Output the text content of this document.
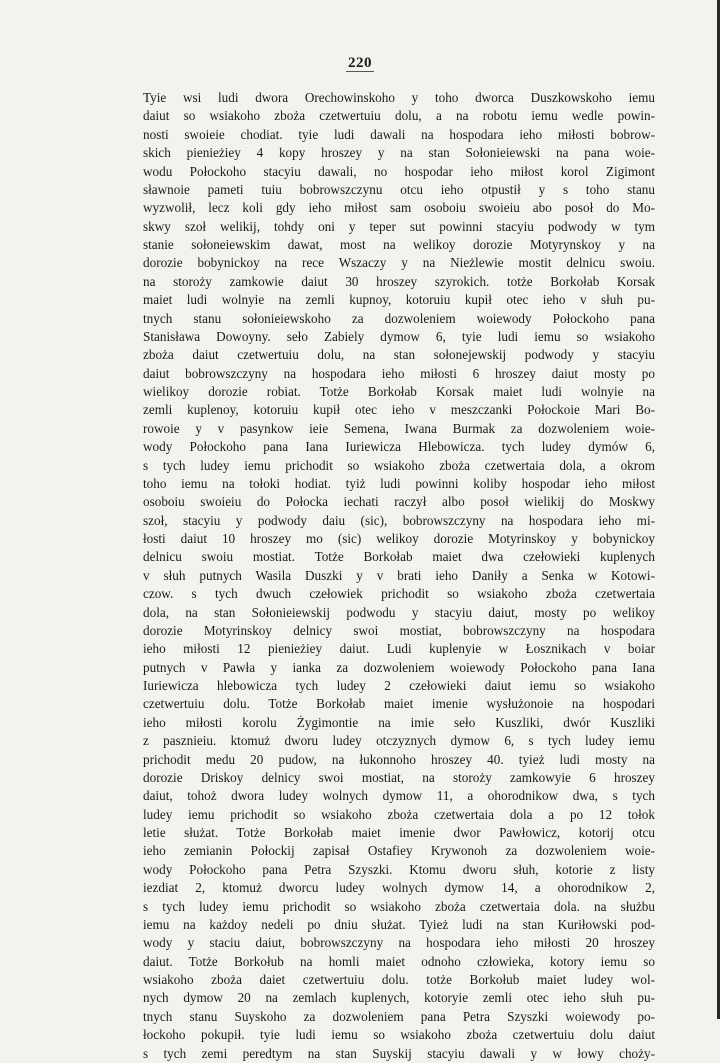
220
Tyie wsi ludi dwora Orechowinskoho y toho dworca Duszkowskoho iemu
daiut so wsiakoho zboża czetwertuiu dolu, a na robotu iemu wedle powin-
nosti swoieie chodiat. tyie ludi dawali na hospodara ieho miłosti bobrow-
skich pienieżiey 4 kopy hroszey y na stan Sołonieiewski na pana woie-
wodu Połockoho stacyiu dawali, no hospodar ieho miłost korol Zigimont
sławnoie pameti tuiu bobrowszczynu otcu ieho otpustił y s toho stanu
wyzwolił, lecz koli gdy ieho miłost sam osoboiu swoieiu abo posoł do Mo-
skwy szoł welikij, tohdy oni y teper sut powinni stacyiu podwody w tym
stanie sołoneiewskim dawat, most na welikoy dorozie Motyrynskoy y na
dorozie bobynickoy na rece Wszaczy y na Nieżlewie mostit delnicu swoiu.
na storoży zamkowie daiut 30 hroszey szyrokich. totże Borkołab Korsak
maiet ludi wolnyie na zemli kupnoy, kotoruiu kupił otec ieho v słuh pu-
tnych stanu sołonieiewskoho za dozwoleniem woiewody Połockoho pana
Stanisława Dowoyny. seło Zabiely dymow 6, tyie ludi iemu so wsiakoho
zboża daiut czetwertuiu dolu, na stan sołonejewskij podwody y stacyiu
daiut bobrowszczyny na hospodara ieho miłosti 6 hroszey daiut mosty po
wielikoy dorozie robiat. Totże Borkołab Korsak maiet ludi wolnyie na
zemli kuplenoy, kotoruiu kupił otec ieho v meszczanki Połockoie Mari Bo-
rowoie y v pasynkow ieie Semena, Iwana Burmak za dozwoleniem woie-
wody Połockoho pana Iana Iuriewicza Hlebowicza. tych ludey dymów 6,
s tych ludey iemu prichodit so wsiakoho zboża czetwertaia dola, a okrom
toho iemu na tołoki hodiat. tyiż ludi powinni koliby hospodar ieho miłost
osoboiu swoieiu do Połocka iechati raczył albo posoł wielikij do Moskwy
szoł, stacyiu y podwody daiu (sic), bobrowszczyny na hospodara ieho mi-
łosti daiut 10 hroszey mo (sic) welikoy dorozie Motyrinskoy y bobynickoy
delnicu swoiu mostiat. Totże Borkołab maiet dwa czełowieki kuplenych
v słuh putnych Wasila Duszki y v brati ieho Daniły a Senka w Kotowi-
czow. s tych dwuch czełowiek prichodit so wsiakoho zboża czetwertaia
dola, na stan Sołonieiewskij podwodu y stacyiu daiut, mosty po welikoy
dorozie Motyrinskoy delnicy swoi mostiat, bobrowszczyny na hospodara
ieho miłosti 12 pienieżiey daiut. Ludi kuplenyie w Łosznikach v boiar
putnych v Pawła y ianka za dozwoleniem woiewody Połockoho pana Iana
Iuriewicza hlebowicza tych ludey 2 czełowieki daiut iemu so wsiakoho
czetwertuiu dolu. Totże Borkołab maiet imenie wysłużonoie na hospodari
ieho miłosti korolu Żygimontie na imie seło Kuszliki, dwór Kuszliki
z pasznieiu. ktomuż dworu ludey otczyznych dymow 6, s tych ludey iemu
prichodit medu 20 pudow, na łukonnoho hroszey 40. tyież ludi mosty na
dorozie Driskoy delnicy swoi mostiat, na storoży zamkowyie 6 hroszey
daiut, tohoż dwora ludey wolnych dymow 11, a ohorodnikow dwa, s tych
ludey iemu prichodit so wsiakoho zboża czetwertaia dola a po 12 tołok
letie służat. Totże Borkołab maiet imenie dwor Pawłowicz, kotorij otcu
ieho zemianin Połockij zapisał Ostafiey Krywonoh za dozwoleniem woie-
wody Połockoho pana Petra Szyszki. Ktomu dworu słuh, kotorie z listy
iezdiat 2, ktomuż dworcu ludey wolnych dymow 14, a ohorodnikow 2,
s tych ludey iemu prichodit so wsiakoho zboża czetwertaia dola. na służbu
iemu na każdoy nedeli po dniu służat. Tyież ludi na stan Kuriłowski pod-
wody y staciu daiut, bobrowszczyny na hospodara ieho miłosti 20 hroszey
daiut. Totże Borkołub na homli maiet odnoho człowieka, kotory iemu so
wsiakoho zboża daiet czetwertuiu dolu. totże Borkołub maiet ludey wol-
nych dymow 20 na zemlach kuplenych, kotoryie zemli otec ieho słuh pu-
tnych stanu Suyskoho za dozwoleniem pana Petra Szyszki woiewody po-
łockoho pokupił. tyie ludi iemu so wsiakoho zboża czetwertuiu dolu daiut
s tych zemi peredtym na stan Suyskij stacyiu dawali y w łowy choży-
